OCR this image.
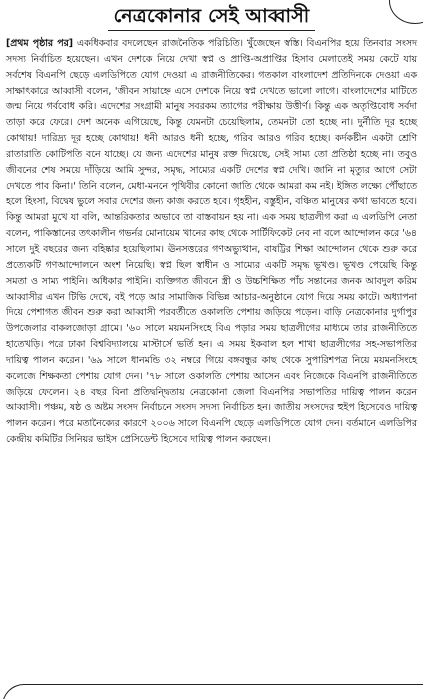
নেত্রকোনার সেই আব্বাসী

[প্রথম পৃষ্ঠার পর] একধিকবার বদলেছেন রাজনৈতিক পরিচিতি। খুঁজেছেন স্বস্তি। বিএনপির হয়ে তিনবার সংসদ সদস্য নির্বাচিত হয়েছেন। এখন দেশকে নিয়ে দেখা স্বপ্ন ও প্রাপ্তি-অপ্রাপ্তির হিসাব মেলাতেই সময় কেটে যায় সর্বশেষ বিএনপি ছেড়ে এলডিপিতে যোগ দেওয়া এ রাজনীতিকের। গতকাল বাংলাদেশ প্রতিদিনকে দেওয়া এক সাক্ষাৎকারে আব্বাসী বলেন, 'জীবন সায়াহ্নে এসে দেশকে নিয়ে স্বপ্ন দেখতে ভালো লাগে। বাংলাদেশের মাটিতে জন্ম নিয়ে গর্ববোধ করি। এদেশের সংগ্রামী মানুষ সবরকম ত্যাগের পরীক্ষায় উত্তীর্ণ। কিন্তু এক অতৃপ্তিবোধ সর্বদা তাড়া করে ফেরে। দেশ অনেক এগিয়েছে, কিন্তু যেমনটা চেয়েছিলাম, তেমনটা তো হচ্ছে না। দুর্নীতি দূর হচ্ছে কোথায়! দারিদ্র্য দূর হচ্ছে কোথায়! ধনী আরও ধনী হচ্ছে, গরিব আরও গরিব হচ্ছে। কর্দকষ্টীন একটা শ্রেণি রাতারাতি কোটিপতি বনে যাচ্ছে। যে জন্য এদেশের মানুষ রক্ত দিয়েছে, সেই সাম্য তো প্রতিষ্ঠা হচ্ছে না। তবুও জীবনের শেষ সময়ে দাঁড়িয়ে আমি সুন্দর, সমৃদ্ধ, সাম্যের একটি দেশের স্বপ্ন দেখি। জানি না মৃত্যুর আগে সেটা দেখতে পাব কিনা।' তিনি বলেন, মেধা-মননে পৃথিবীর কোনো জাতি থেকে আমরা কম নই। ইঙ্গিত লক্ষ্যে পৌঁছাতে হলে হিংসা, বিদ্বেষ ভুলে সবার দেশের জন্য কাজ করতে হবে। গৃহহীন, বস্তুহীন, বঞ্চিত মানুষের কথা ভাবতে হবে। কিন্তু আমরা মুখে যা বলি, আন্তরিকতার অভাবে তা বাস্তবায়ন হয় না। এক সময় ছাত্রলীগ করা এ এলডিপি নেতা বলেন, পাকিস্তানের তৎকালীন গভর্নর মোনায়েম খানের কাছ থেকে সার্টিফিকেট নেব না বলে আন্দোলন করে '৬৪ সালে দুই বছরের জন্য বহিষ্কার হয়েছিলাম। ঊনসত্তরের গণঅভ্যুত্থান, বাষট্টির শিক্ষা আন্দোলন থেকে শুরু করে প্রত্যেকটি গণআন্দোলনে অংশ নিয়েছি। স্বপ্ন ছিল স্বাধীন ও সাম্যের একটি সমৃদ্ধ ভূখণ্ড। ভূখণ্ড পেয়েছি কিন্তু সমতা ও সাম্য পাইনি। অধিকার পাইনি। ব্যক্তিগত জীবনে স্ত্রী ও উচ্চশিক্ষিত পাঁচ সন্তানের জনক আবদুল করিম আব্বাসীর এখন টিভি দেখে, বই পড়ে আর সামাজিক বিভিন্ন আচার-অনুষ্ঠানে যোগ দিয়ে সময় কাটে। অধ্যাপনা দিয়ে পেশাগত জীবন শুরু করা আব্বাসী পরবর্তীতে ওকালতি পেশায় জড়িয়ে পড়েন। বাড়ি নেত্রকোনার দুর্গাপুর উপজেলার বাকলজোড়া গ্রামে। '৬০ সালে ময়মনসিংহে বিএ পড়ার সময় ছাত্রলীগের মাধ্যমে তার রাজনীতিতে হাতেখড়ি। পরে ঢাকা বিশ্ববিদ্যালয়ে মাস্টার্সে ভর্তি হন। এ সময় ইকবাল হল শাখা ছাত্রলীগের সহ-সভাপতির দায়িত্ব পালন করেন। '৬৯ সালে ধানমন্ডি ৩২ নম্বরে গিয়ে বঙ্গবন্ধুর কাছ থেকে সুপারিশপত্র নিয়ে ময়মনসিংহে কলেজে শিক্ষকতা পেশায় যোগ দেন। '৭৮ সালে ওকালতি পেশায় আসেন এবং নিজেকে বিএনপি রাজনীতিতে জড়িয়ে ফেলেন। ২৪ বছর বিনা প্রতিদ্বন্দ্বিতায় নেত্রকোনা জেলা বিএনপির সভাপতির দায়িত্ব পালন করেন আব্বাসী। পঞ্চম, ষষ্ঠ ও অষ্টম সংসদ নির্বাচনে সংসদ সদস্য নির্বাচিত হন। জাতীয় সংসদের হুইপ হিসেবেও দায়িত্ব পালন করেন। পরে মতানৈক্যের কারণে ২০০৬ সালে বিএনপি ছেড়ে এলডিপিতে যোগ দেন। বর্তমানে এলডিপির কেন্দ্রীয় কমিটির সিনিয়র ভাইস প্রেসিডেন্ট হিসেবে দায়িত্ব পালন করছেন।
